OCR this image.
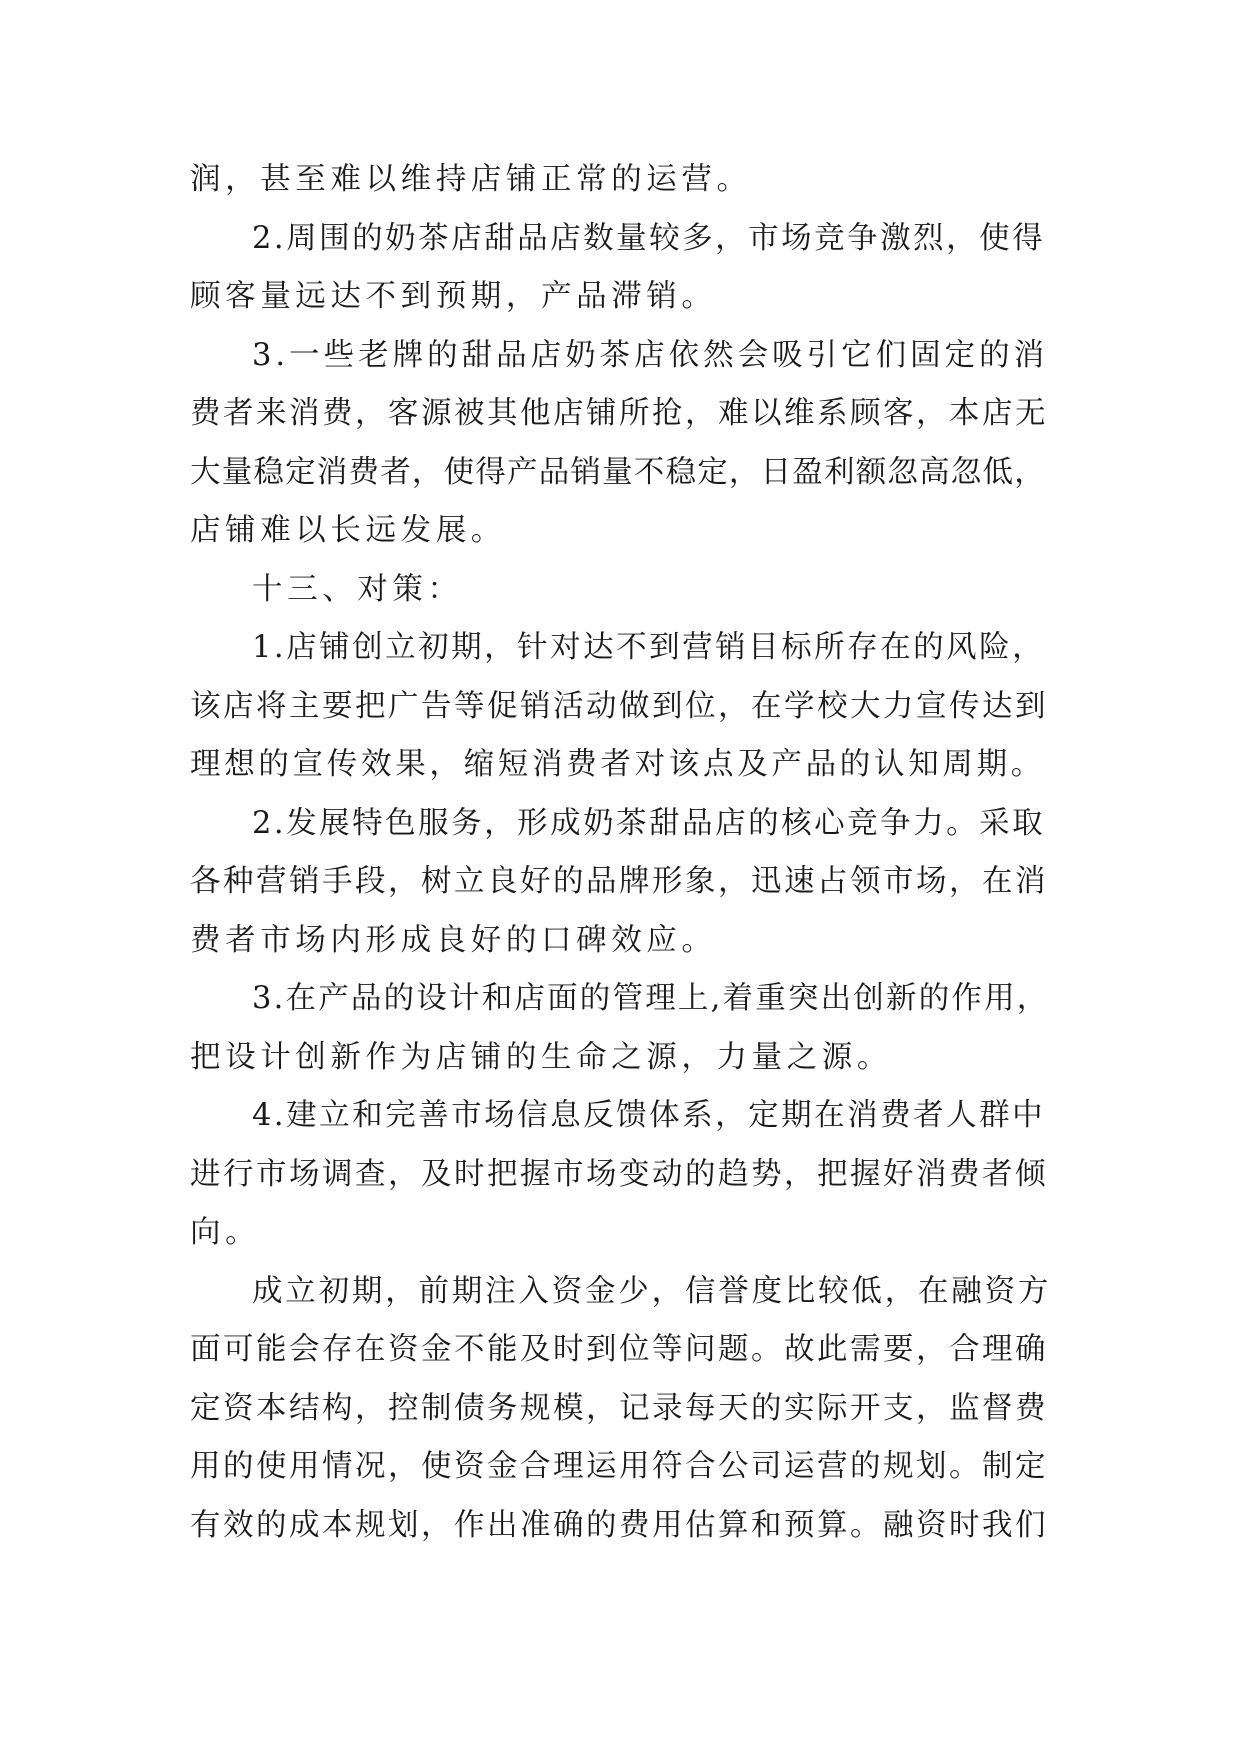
润，甚至难以维持店铺正常的运营。

2.周围的奶茶店甜品店数量较多，市场竞争激烈，使得
顾客量远达不到预期，产品滞销。

3.一些老牌的甜品店奶茶店依然会吸引它们固定的消
费者来消费，客源被其他店铺所抢，难以维系顾客，本店无
大量稳定消费者，使得产品销量不稳定，日盈利额忽高忽低，
店铺难以长远发展。

十三、对策：

1.店铺创立初期，针对达不到营销目标所存在的风险，
该店将主要把广告等促销活动做到位，在学校大力宣传达到
理想的宣传效果，缩短消费者对该点及产品的认知周期。

2.发展特色服务，形成奶茶甜品店的核心竞争力。采取
各种营销手段，树立良好的品牌形象，迅速占领市场，在消
费者市场内形成良好的口碑效应。

3.在产品的设计和店面的管理上,着重突出创新的作用，
把设计创新作为店铺的生命之源，力量之源。

4.建立和完善市场信息反馈体系，定期在消费者人群中
进行市场调查，及时把握市场变动的趋势，把握好消费者倾
向。

成立初期，前期注入资金少，信誉度比较低，在融资方
面可能会存在资金不能及时到位等问题。故此需要，合理确
定资本结构，控制债务规模，记录每天的实际开支，监督费
用的使用情况，使资金合理运用符合公司运营的规划。制定
有效的成本规划，作出准确的费用估算和预算。融资时我们
